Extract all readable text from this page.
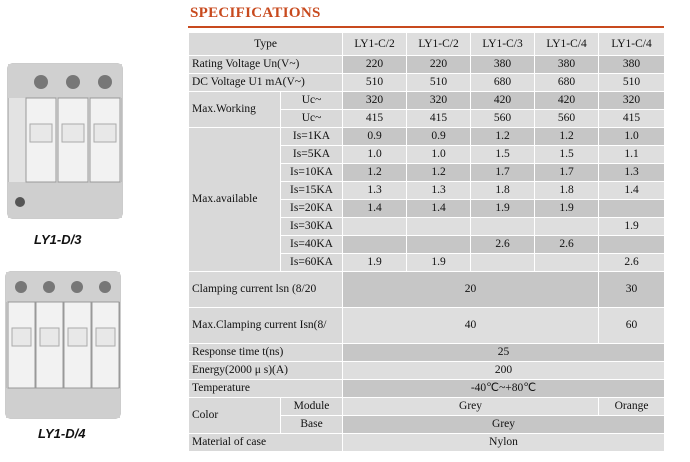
LY1-D/3
LY1-D/4
SPECIFICATIONS
Type		LY1-C/2	LY1-C/2	LY1-C/3	LY1-C/4	LY1-C/4
Rating Voltage Un(V~)		220	220	380	380	380
DC Voltage U1 mA(V~)		510	510	680	680	510
Max.Working	Uc~	320	320	420	420	320
	Uc~	415	415	560	560	415
Max.available	Is=1KA	0.9	0.9	1.2	1.2	1.0
	Is=5KA	1.0	1.0	1.5	1.5	1.1
	Is=10KA	1.2	1.2	1.7	1.7	1.3
	Is=15KA	1.3	1.3	1.8	1.8	1.4
	Is=20KA	1.4	1.4	1.9	1.9	
	Is=30KA					1.9
	Is=40KA			2.6	2.6	
	Is=60KA	1.9	1.9			2.6
Clamping current lsn (8/20		20				30
Max.Clamping current Isn(8/		40				60
Response time t(ns)		25				
Energy(2000 μ s)(A)		200				
Temperature		-40℃~+80℃				
Color	Module	Grey				Orange
	Base	Grey				
Material of case		Nylon				
